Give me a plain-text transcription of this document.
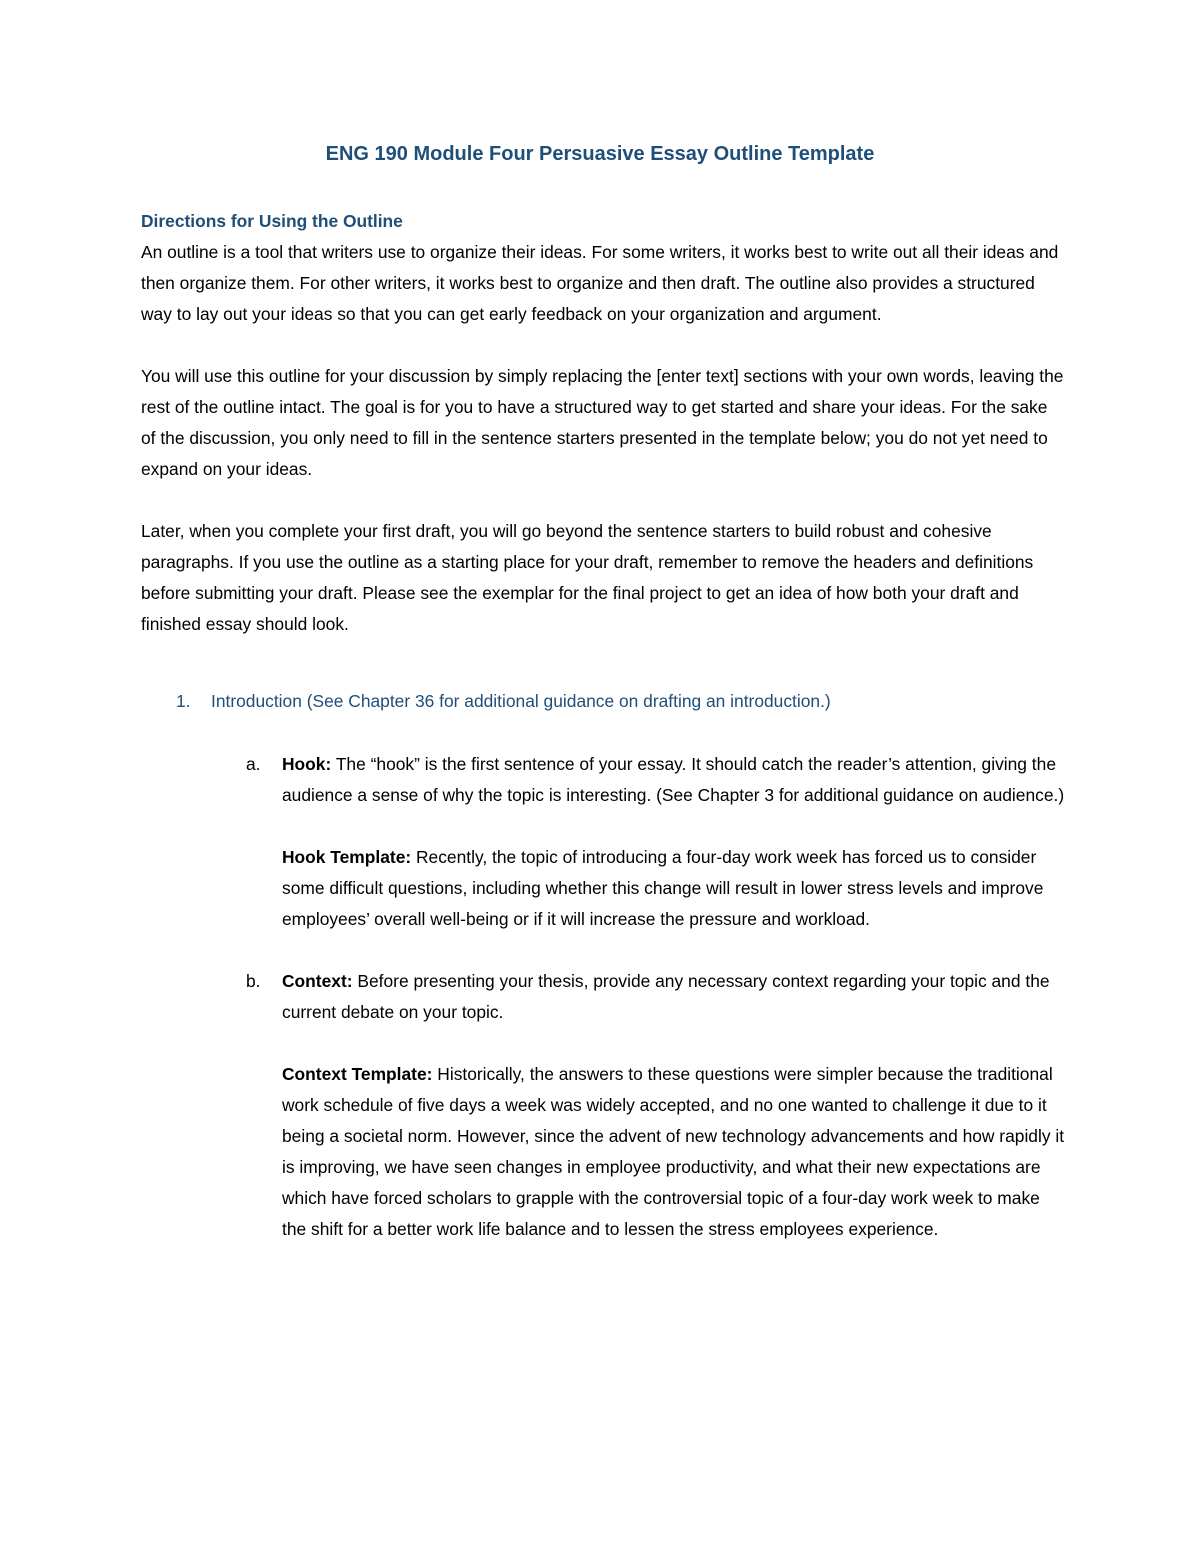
ENG 190 Module Four Persuasive Essay Outline Template
Directions for Using the Outline

An outline is a tool that writers use to organize their ideas. For some writers, it works best to write out all their ideas and then organize them. For other writers, it works best to organize and then draft. The outline also provides a structured way to lay out your ideas so that you can get early feedback on your organization and argument.

You will use this outline for your discussion by simply replacing the [enter text] sections with your own words, leaving the rest of the outline intact. The goal is for you to have a structured way to get started and share your ideas. For the sake of the discussion, you only need to fill in the sentence starters presented in the template below; you do not yet need to expand on your ideas.

Later, when you complete your first draft, you will go beyond the sentence starters to build robust and cohesive paragraphs. If you use the outline as a starting place for your draft, remember to remove the headers and definitions before submitting your draft. Please see the exemplar for the final project to get an idea of how both your draft and finished essay should look.

1.	Introduction (See Chapter 36 for additional guidance on drafting an introduction.)
a. Hook: The “hook” is the first sentence of your essay. It should catch the reader’s attention, giving the audience a sense of why the topic is interesting. (See Chapter 3 for additional guidance on audience.)

Hook Template: Recently, the topic of introducing a four-day work week has forced us to consider some difficult questions, including whether this change will result in lower stress levels and improve employees’ overall well-being or if it will increase the pressure and workload.

b. Context: Before presenting your thesis, provide any necessary context regarding your topic and the current debate on your topic.

Context Template: Historically, the answers to these questions were simpler because the traditional work schedule of five days a week was widely accepted, and no one wanted to challenge it due to it being a societal norm. However, since the advent of new technology advancements and how rapidly it is improving, we have seen changes in employee productivity, and what their new expectations are which have forced scholars to grapple with the controversial topic of a four-day work week to make the shift for a better work life balance and to lessen the stress employees experience.
